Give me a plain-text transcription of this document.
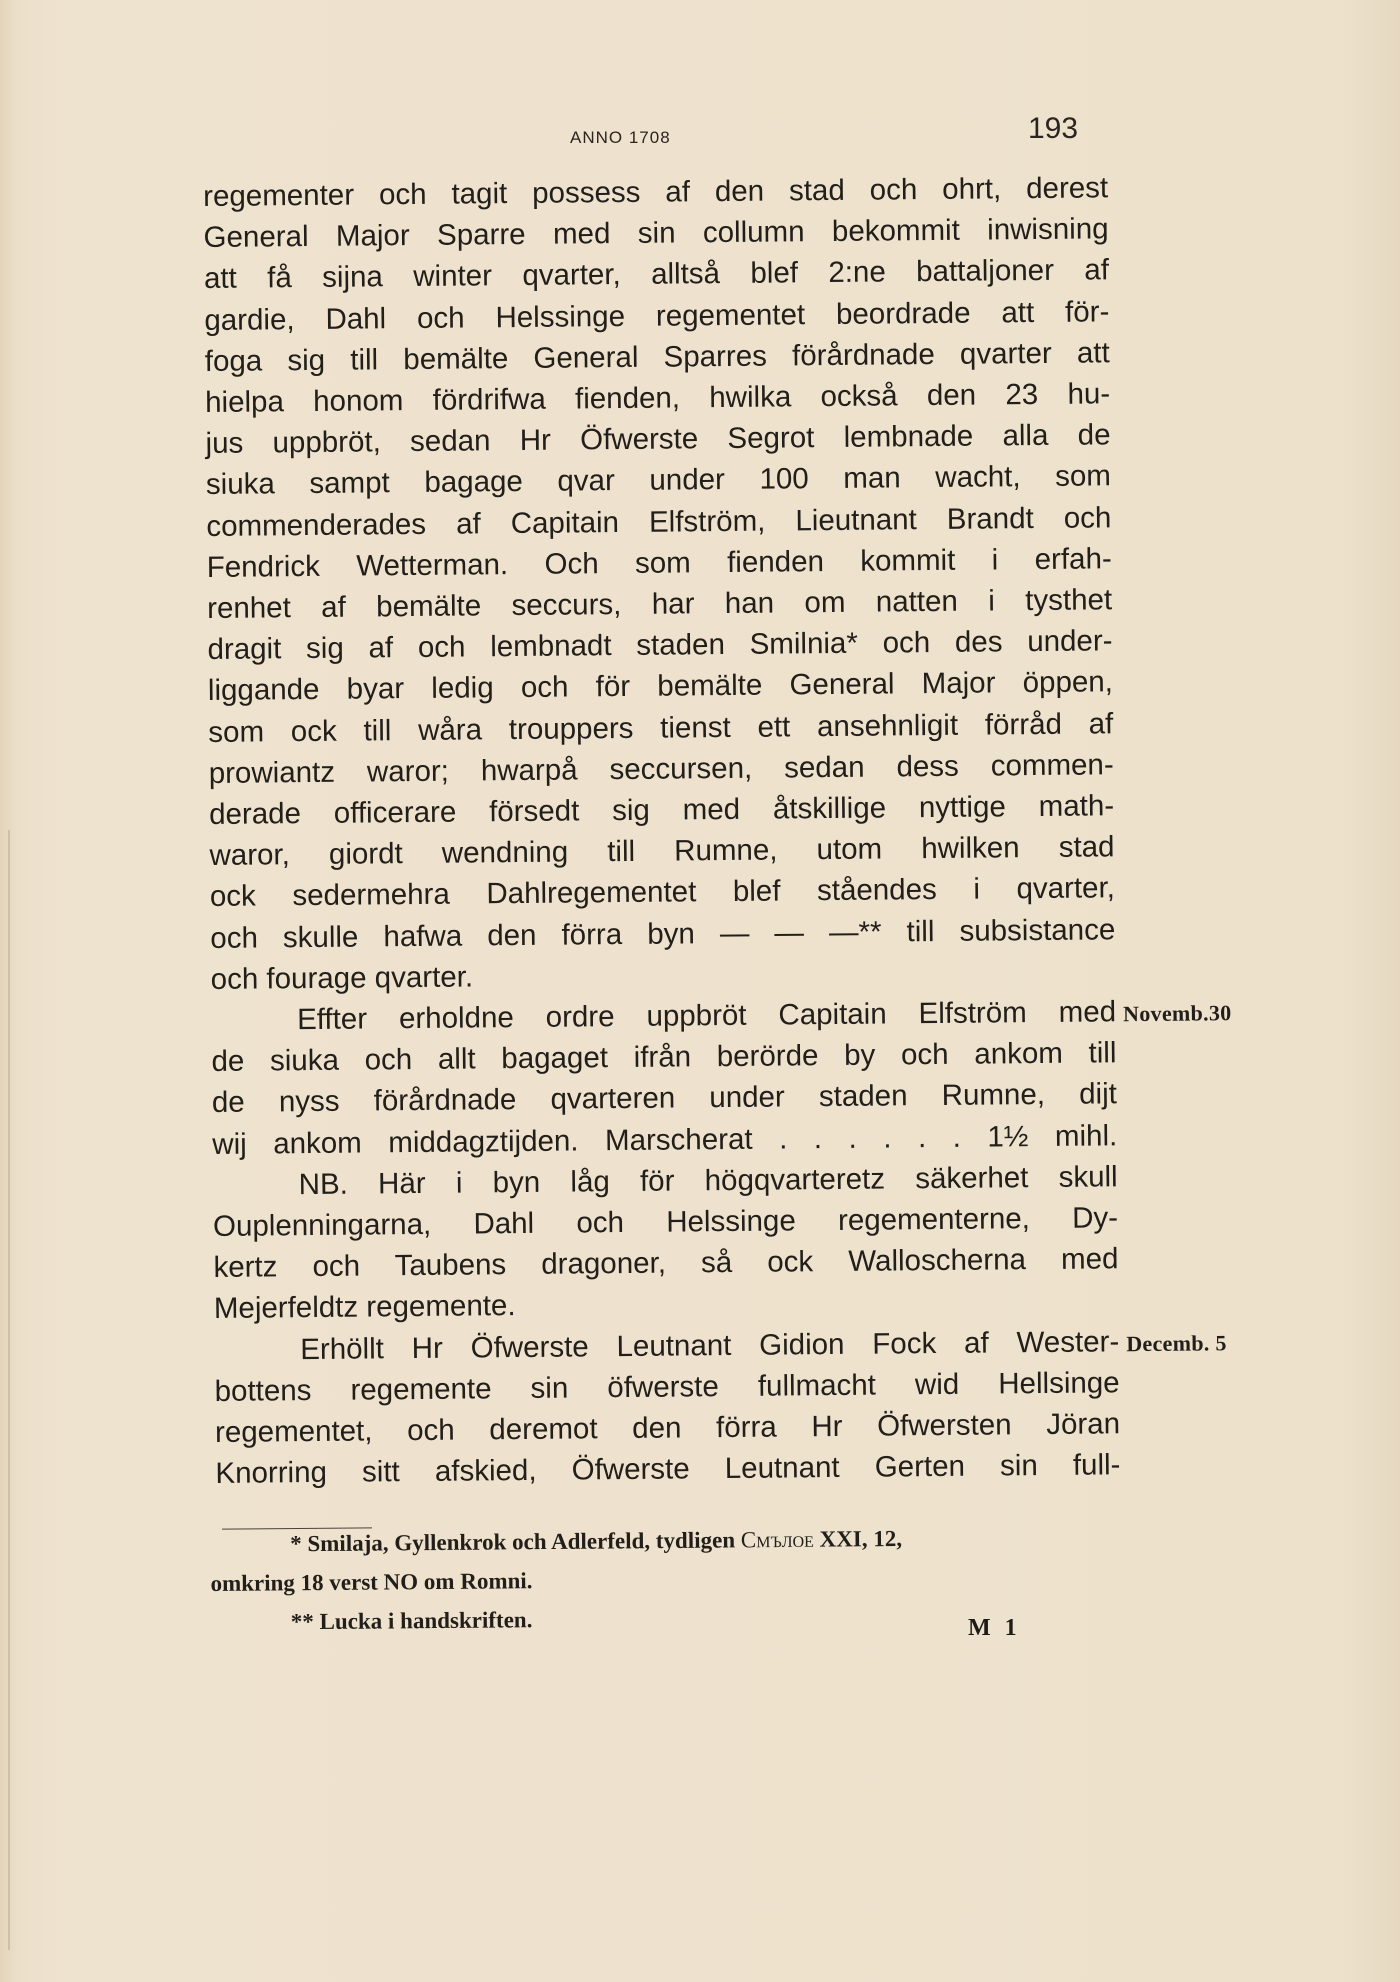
ANNO 1708	193
regementer och tagit possess af den stad och ohrt, derest
General Major Sparre med sin collumn bekommit inwisning
att få sijna winter qvarter, alltså blef 2:ne battaljoner af
gardie, Dahl och Helssinge regementet beordrade att för-
foga sig till bemälte General Sparres förårdnade qvarter att
hielpa honom fördrifwa fienden, hwilka också den 23 hu-
jus uppbröt, sedan Hr Öfwerste Segrot lembnade alla de
siuka sampt bagage qvar under 100 man wacht, som
commenderades af Capitain Elfström, Lieutnant Brandt och
Fendrick Wetterman. Och som fienden kommit i erfah-
renhet af bemälte seccurs, har han om natten i tysthet
dragit sig af och lembnadt staden Smilnia* och des under-
liggande byar ledig och för bemälte General Major öppen,
som ock till wåra trouppers tienst ett ansehnligit förråd af
prowiantz waror; hwarpå seccursen, sedan dess commen-
derade officerare försedt sig med åtskillige nyttige math-
waror, giordt wendning till Rumne, utom hwilken stad
ock sedermehra Dahlregementet blef ståendes i qvarter,
och skulle hafwa den förra byn — — —** till subsistance
och fourage qvarter.
Effter erholdne ordre uppbröt Capitain Elfström med Novemb.30
de siuka och allt bagaget ifrån berörde by och ankom till
de nyss förårdnade qvarteren under staden Rumne, dijt
wij ankom middagztijden. Marscherat . . . . . . 1½ mihl.
NB. Här i byn låg för högqvarteretz säkerhet skull
Ouplenningarna, Dahl och Helssinge regementerne, Dy-
kertz och Taubens dragoner, så ock Walloscherna med
Mejerfeldtz regemente.
Erhöllt Hr Öfwerste Leutnant Gidion Fock af Wester- Decemb. 5
bottens regemente sin öfwerste fullmacht wid Hellsinge
regementet, och deremot den förra Hr Öfwersten Jöran
Knorring sitt afskied, Öfwerste Leutnant Gerten sin full-
* Smilaja, Gyllenkrok och Adlerfeld, tydligen Смълое XXI, 12,
omkring 18 verst NO om Romni.
** Lucka i handskriften.	M 1
